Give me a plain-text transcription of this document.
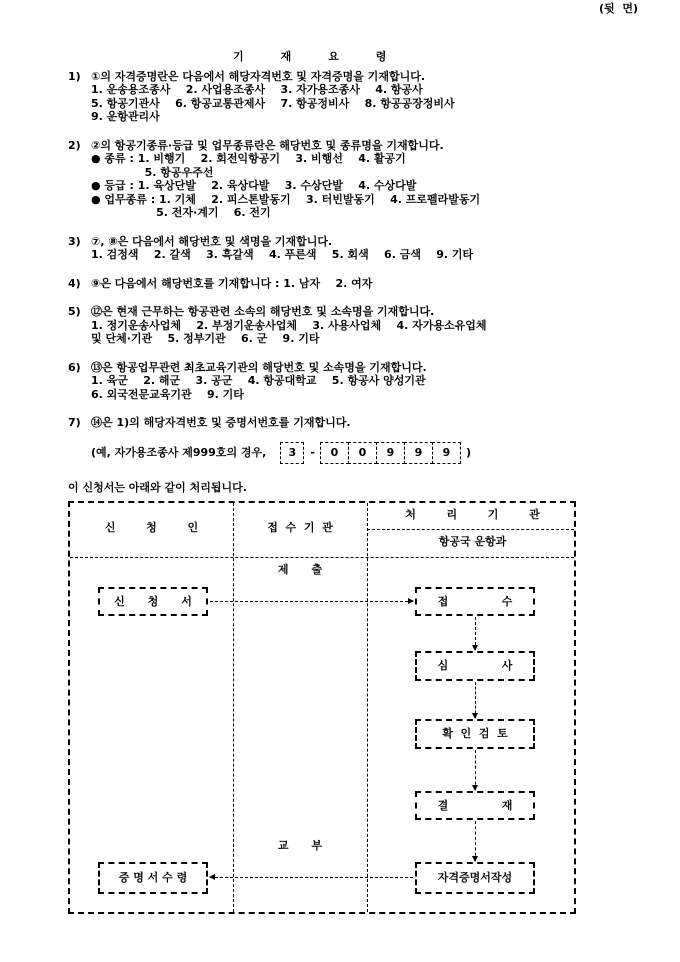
(뒷  면)
기      재      요      령
1) ①의 자격증명란은 다음에서 해당자격번호 및 자격증명을 기재합니다.
1. 운송용조종사    2. 사업용조종사    3. 자가용조종사    4. 항공사
5. 항공기관사    6. 항공교통관제사    7. 항공정비사    8. 항공공장정비사
9. 운항관리사
2) ②의 항공기종류·등급 및 업무종류란은 해당번호 및 종류명을 기재합니다.
● 종류 : 1. 비행기    2. 회전익항공기    3. 비행선    4. 활공기
5. 항공우주선
● 등급 : 1. 육상단발    2. 육상다발    3. 수상단발    4. 수상다발
● 업무종류 : 1. 기체    2. 피스톤발동기    3. 터빈발동기    4. 프로펠라발동기
5. 전자·계기    6. 전기
3) ⑦, ⑧은 다음에서 해당번호 및 색명을 기재합니다.
1. 검정색    2. 갈색    3. 흑갈색    4. 푸른색    5. 회색    6. 금색    9. 기타
4) ⑨은 다음에서 해당번호를 기재합니다 : 1. 남자    2. 여자
5) ⑫은 현재 근무하는 항공관련 소속의 해당번호 및 소속명을 기재합니다.
1. 정기운송사업체    2. 부정기운송사업체    3. 사용사업체    4. 자가용소유업체
및 단체·기관    5. 정부기관    6. 군    9. 기타
6) ⑬은 항공업무관련 최초교육기관의 해당번호 및 소속명을 기재합니다.
1. 육군    2. 해군    3. 공군    4. 항공대학교    5. 항공사 양성기관
6. 외국전문교육기관    9. 기타
7) ⑭은 1)의 해당자격번호 및 증명서번호를 기재합니다.
(예, 자가용조종사 제999호의 경우,	3	-	0	0	9	9	9	)
이 신청서는 아래와 같이 처리됩니다.
신        청        인	접  수  기  관
처        리        기        관
항공국 운항과
신      청      서	접              수
심              사
확  인  검  토
결              재
자격증명서작성
증 명 서 수 령
제      출
교      부
